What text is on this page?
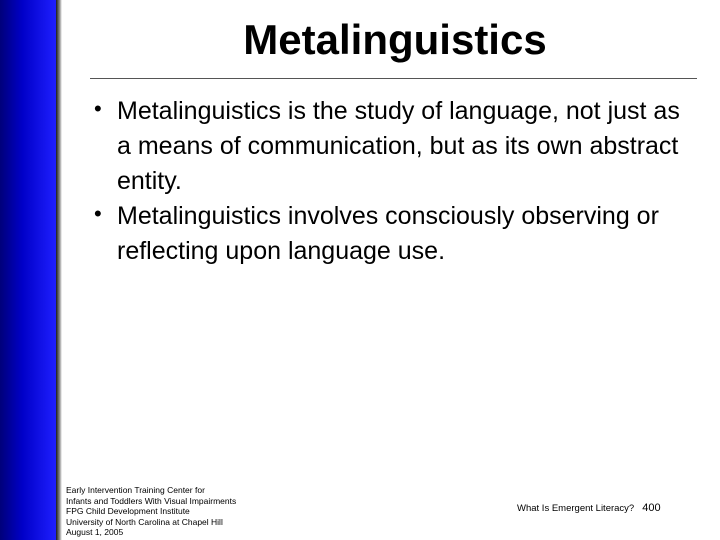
Metalinguistics
• Metalinguistics is the study of language, not just as a means of communication, but as its own abstract entity.
• Metalinguistics involves consciously observing or reflecting upon language use.
Early Intervention Training Center for
Infants and Toddlers With Visual Impairments
FPG Child Development Institute
University of North Carolina at Chapel Hill
August 1, 2005
What Is Emergent Literacy? 400
